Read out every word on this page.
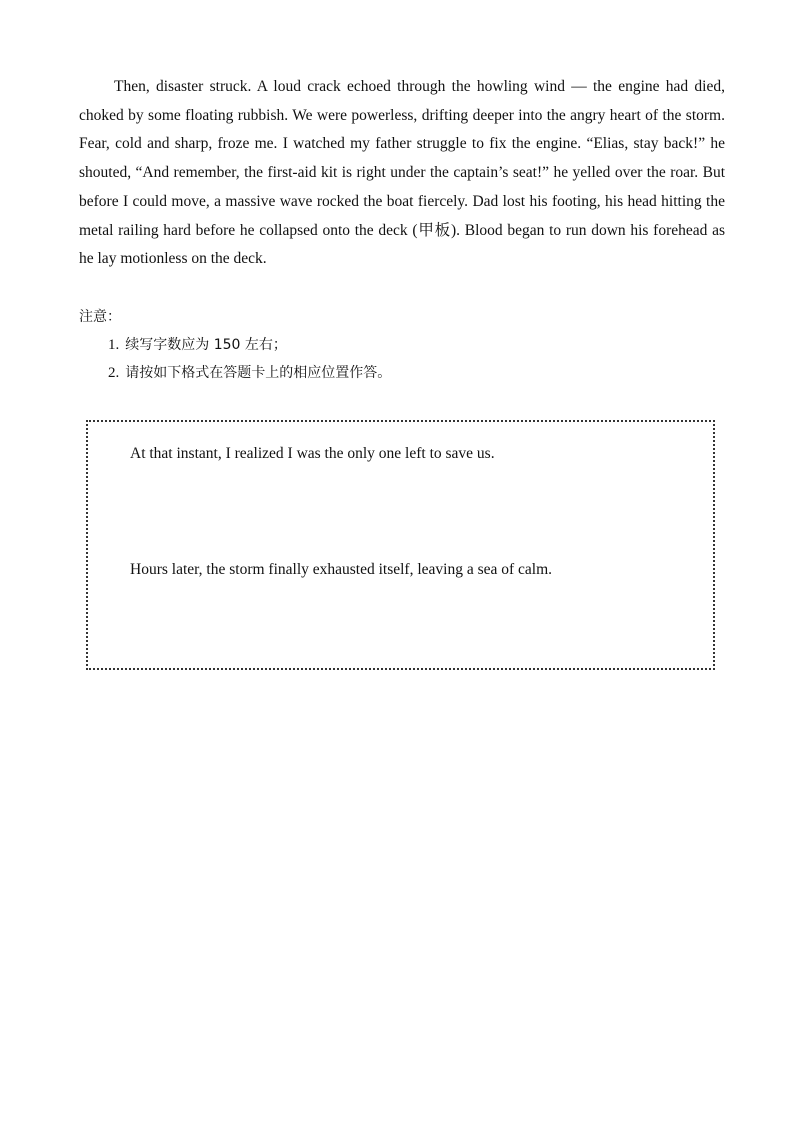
Then, disaster struck. A loud crack echoed through the howling wind — the engine had died, choked by some floating rubbish. We were powerless, drifting deeper into the angry heart of the storm. Fear, cold and sharp, froze me. I watched my father struggle to fix the engine. “Elias, stay back!” he shouted, “And remember, the first-aid kit is right under the captain’s seat!” he yelled over the roar. But before I could move, a massive wave rocked the boat fiercely. Dad lost his footing, his head hitting the metal railing hard before he collapsed onto the deck (甲板). Blood began to run down his forehead as he lay motionless on the deck.

注意：

1. 续写字数应为 150 左右；
2. 请按如下格式在答题卡上的相应位置作答。

At that instant, I realized I was the only one left to save us.

Hours later, the storm finally exhausted itself, leaving a sea of calm.
